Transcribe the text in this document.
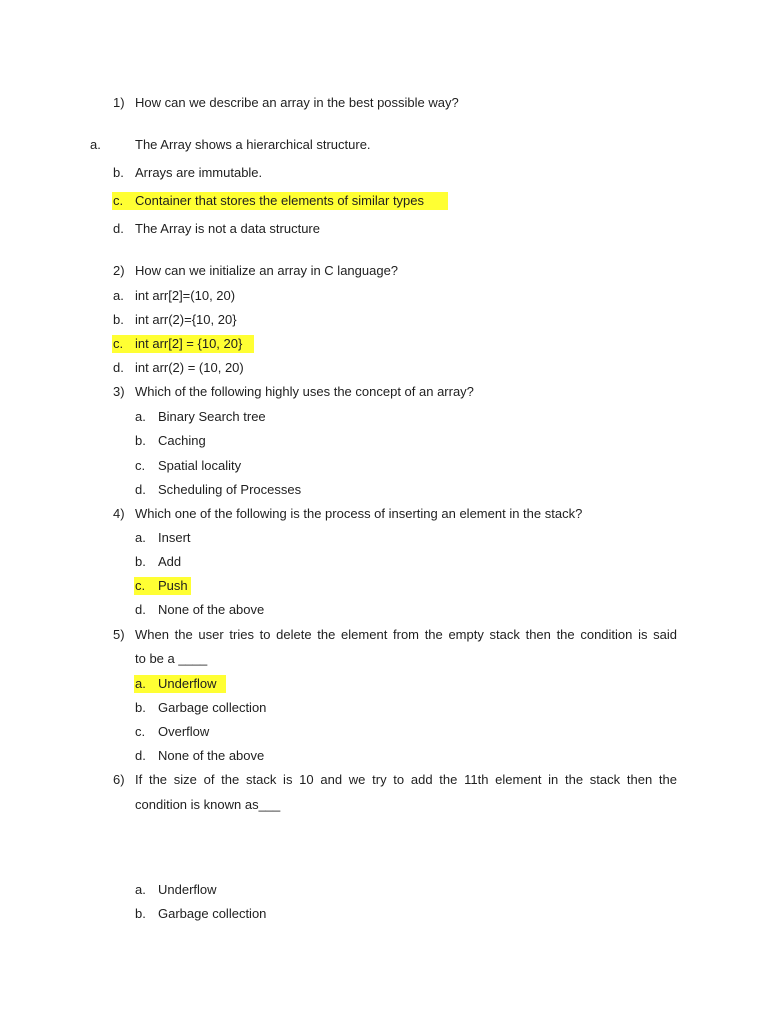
1) How can we describe an array in the best possible way?
a.	The Array shows a hierarchical structure.
b. Arrays are immutable.
c. Container that stores the elements of similar types
d. The Array is not a data structure
2) How can we initialize an array in C language?
a. int arr[2]=(10, 20)
b. int arr(2)={10, 20}
c. int arr[2] = {10, 20}
d. int arr(2) = (10, 20)
3) Which of the following highly uses the concept of an array?
a. Binary Search tree
b. Caching
c. Spatial locality
d. Scheduling of Processes
4) Which one of the following is the process of inserting an element in the stack?
a. Insert
b. Add
c. Push
d. None of the above
5) When the user tries to delete the element from the empty stack then the condition is said
to be a ____
a. Underflow
b. Garbage collection
c. Overflow
d. None of the above
6) If the size of the stack is 10 and we try to add the 11th element in the stack then the
condition is known as___
a. Underflow
b. Garbage collection
